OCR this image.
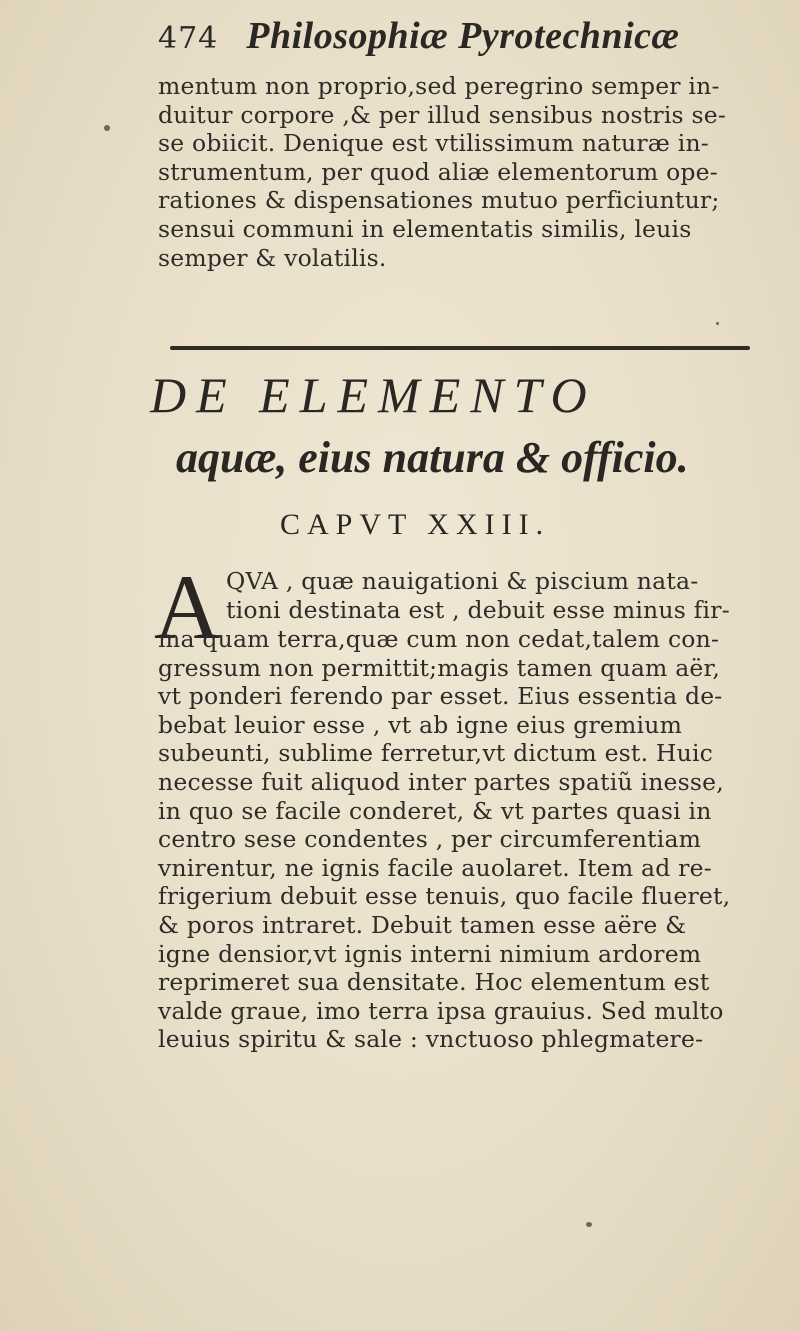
474 Philosophiæ Pyrotechnicæ
mentum non proprio,sed peregrino semper in-
duitur corpore ,& per illud sensibus nostris se-
se obiicit. Denique est vtilissimum naturæ in-
strumentum, per quod aliæ elementorum ope-
rationes & dispensationes mutuo perficiuntur;
sensui communi in elementatis similis, leuis
semper & volatilis.
DE ELEMENTO
aquæ, eius natura & officio.
CAPVT XXIII.
A QVA , quæ nauigationi & piscium nata-
tioni destinata est , debuit esse minus fir-
ma quam terra,quæ cum non cedat,talem con-
gressum non permittit;magis tamen quam aër,
vt ponderi ferendo par esset. Eius essentia de-
bebat leuior esse , vt ab igne eius gremium
subeunti, sublime ferretur,vt dictum est. Huic
necesse fuit aliquod inter partes spatiũ inesse,
in quo se facile conderet, & vt partes quasi in
centro sese condentes , per circumferentiam
vnirentur, ne ignis facile auolaret. Item ad re-
frigerium debuit esse tenuis, quo facile flueret,
& poros intraret. Debuit tamen esse aëre &
igne densior,vt ignis interni nimium ardorem
reprimeret sua densitate. Hoc elementum est
valde graue, imo terra ipsa grauius. Sed multo
leuius spiritu & sale : vnctuoso phlegmatere-
